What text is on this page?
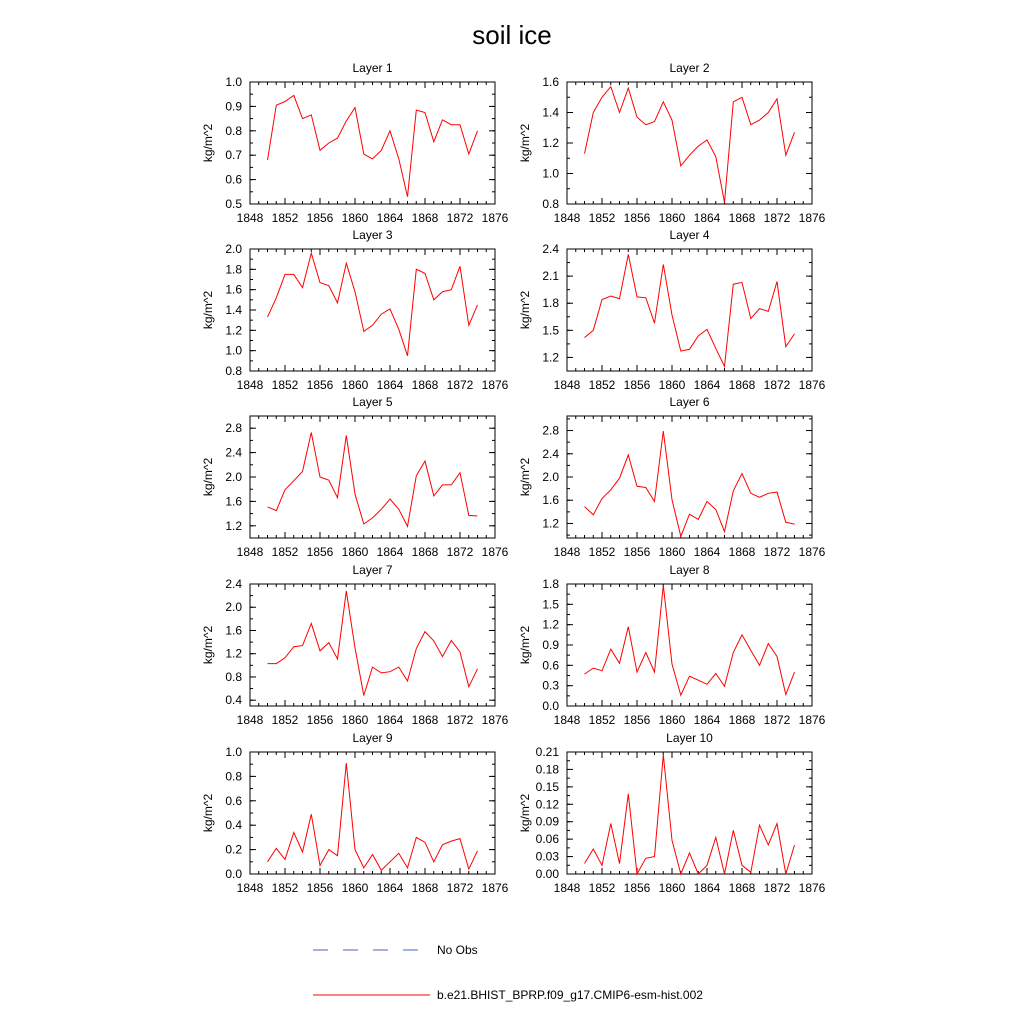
soil ice
Layer 1
kg/m^2
1848 1852 1856 1860 1864 1868 1872 1876
0.5
0.6
0.7
0.8
0.9
1.0
Layer 2
kg/m^2
1848 1852 1856 1860 1864 1868 1872 1876
0.8
1.0
1.2
1.4
1.6
Layer 3
kg/m^2
1848 1852 1856 1860 1864 1868 1872 1876
0.8
1.0
1.2
1.4
1.6
1.8
2.0
Layer 4
kg/m^2
1848 1852 1856 1860 1864 1868 1872 1876
1.2
1.5
1.8
2.1
2.4
Layer 5
kg/m^2
1848 1852 1856 1860 1864 1868 1872 1876
1.2
1.6
2.0
2.4
2.8
Layer 6
kg/m^2
1848 1852 1856 1860 1864 1868 1872 1876
1.2
1.6
2.0
2.4
2.8
Layer 7
kg/m^2
1848 1852 1856 1860 1864 1868 1872 1876
0.4
0.8
1.2
1.6
2.0
2.4
Layer 8
kg/m^2
1848 1852 1856 1860 1864 1868 1872 1876
0.0
0.3
0.6
0.9
1.2
1.5
1.8
Layer 9
kg/m^2
1848 1852 1856 1860 1864 1868 1872 1876
0.0
0.2
0.4
0.6
0.8
1.0
Layer 10
kg/m^2
1848 1852 1856 1860 1864 1868 1872 1876
0.00
0.03
0.06
0.09
0.12
0.15
0.18
0.21
No Obs
b.e21.BHIST_BPRP.f09_g17.CMIP6-esm-hist.002
